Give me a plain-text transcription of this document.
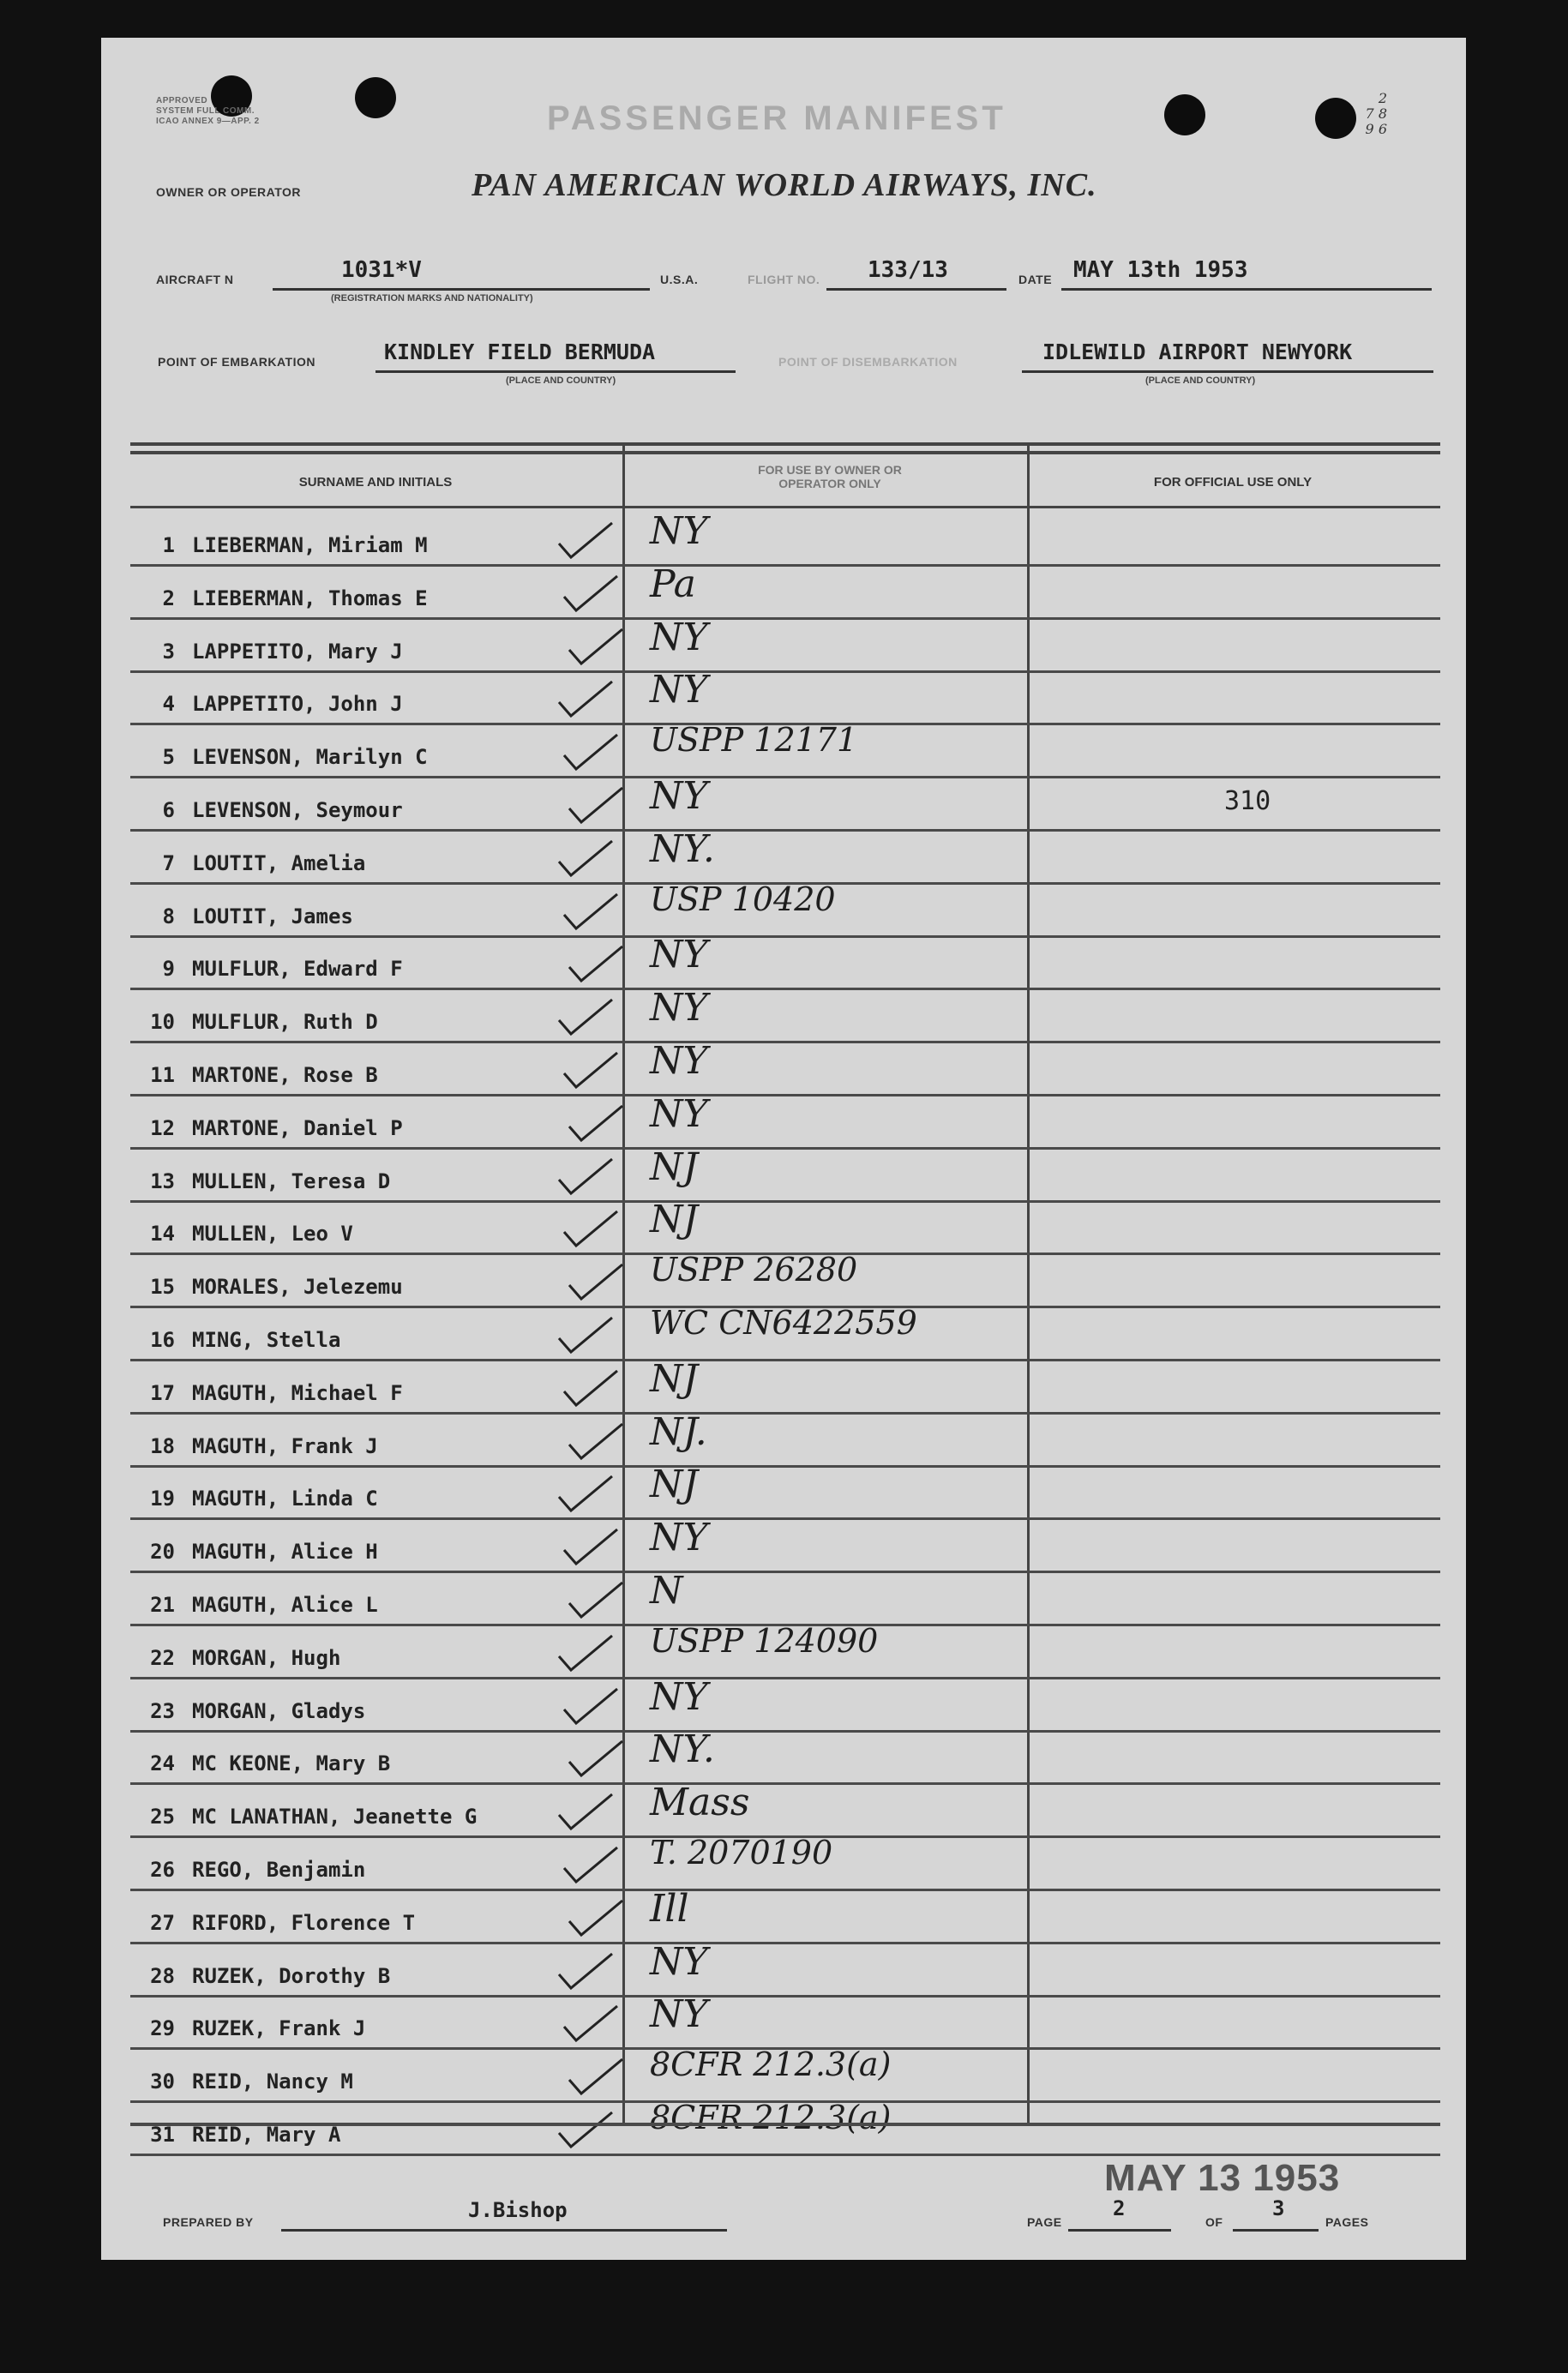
APPROVED
SYSTEM FULL COMM.
ICAO ANNEX 9—APP. 2	PASSENGER MANIFEST
2
7 8
9 6
OWNER OR OPERATOR	PAN AMERICAN WORLD AIRWAYS, INC.
AIRCRAFT N	1031*V
(REGISTRATION MARKS AND NATIONALITY)
U.S.A.	FLIGHT NO. 133/13	DATE MAY 13th 1953
POINT OF EMBARKATION	KINDLEY FIELD BERMUDA
(PLACE AND COUNTRY)
POINT OF DISEMBARKATION	IDLEWILD AIRPORT NEWYORK
(PLACE AND COUNTRY)
SURNAME AND INITIALS
FOR USE BY OWNER OR OPERATOR ONLY	FOR OFFICIAL USE ONLY
1 LIEBERMAN, Miriam M	NY
2 LIEBERMAN, Thomas E	Pa
3 LAPPETITO, Mary J	NY
4 LAPPETITO, John J	NY
5 LEVENSON, Marilyn C	USPP 12171
6 LEVENSON, Seymour	NY	310
7 LOUTIT, Amelia	NY.
8 LOUTIT, James	USP 10420
9 MULFLUR, Edward F	NY
10 MULFLUR, Ruth D	NY
11 MARTONE, Rose B	NY
12 MARTONE, Daniel P	NY
13 MULLEN, Teresa D	NJ
14 MULLEN, Leo V	NJ
15 MORALES, Jelezemu	USPP 26280
16 MING, Stella	WC CN6422559
17 MAGUTH, Michael F	NJ
18 MAGUTH, Frank J	NJ.
19 MAGUTH, Linda C	NJ
20 MAGUTH, Alice H	NY
21 MAGUTH, Alice L	N
22 MORGAN, Hugh	USPP 124090
23 MORGAN, Gladys	NY
24 MC KEONE, Mary B	NY.
25 MC LANATHAN, Jeanette G	Mass
26 REGO, Benjamin	T. 2070190
27 RIFORD, Florence T	Ill
28 RUZEK, Dorothy B	NY
29 RUZEK, Frank J	NY
30 REID, Nancy M	8CFR 212.3(a)
31 REID, Mary A	8CFR 212.3(a)
PREPARED BY	J.Bishop
MAY 13 1953
PAGE
2
OF
3
PAGES
